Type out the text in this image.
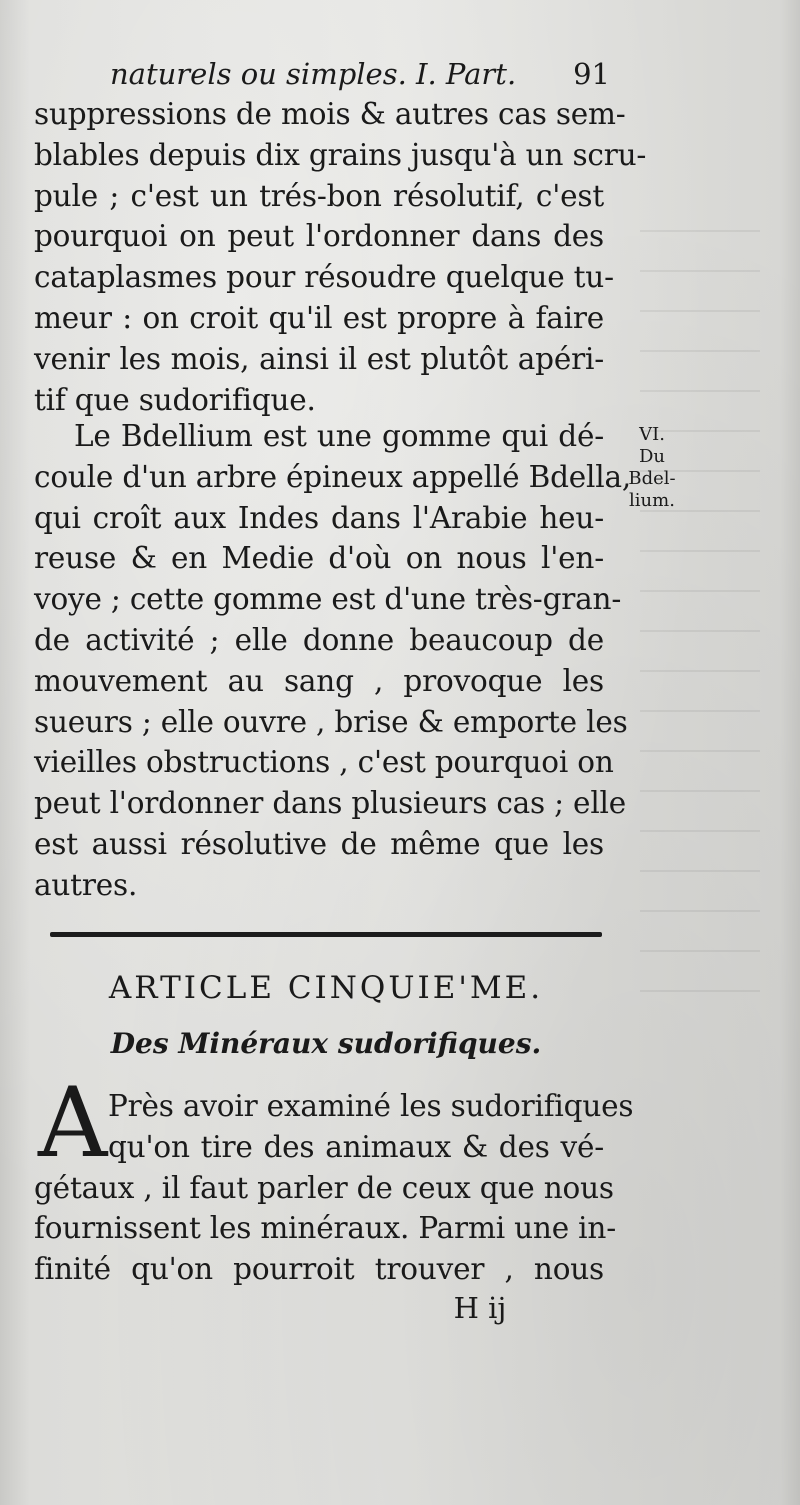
naturels ou simples. I. Part. 91
suppressions de mois & autres cas sem-
blables depuis dix grains jusqu'à un scru-
pule ; c'est un trés-bon résolutif, c'est
pourquoi on peut l'ordonner dans des
cataplasmes pour résoudre quelque tu-
meur : on croit qu'il est propre à faire
venir les mois, ainsi il est plutôt apéri-
tif que sudorifique.
Le Bdellium est une gomme qui dé-
coule d'un arbre épineux appellé Bdella,
qui croît aux Indes dans l'Arabie heu-
reuse & en Medie d'où on nous l'en-
voye ; cette gomme est d'une très-gran-
de activité ; elle donne beaucoup de
mouvement au sang , provoque les
sueurs ; elle ouvre , brise & emporte les
vieilles obstructions , c'est pourquoi on
peut l'ordonner dans plusieurs cas ; elle
est aussi résolutive de même que les
autres.
VI.
Du
Bdel-
lium.
ARTICLE CINQUIE'ME.
Des Minéraux sudorifiques.
A Près avoir examiné les sudorifiques
qu'on tire des animaux & des vé-
gétaux , il faut parler de ceux que nous
fournissent les minéraux. Parmi une in-
finité qu'on pourroit trouver , nous
H ij
